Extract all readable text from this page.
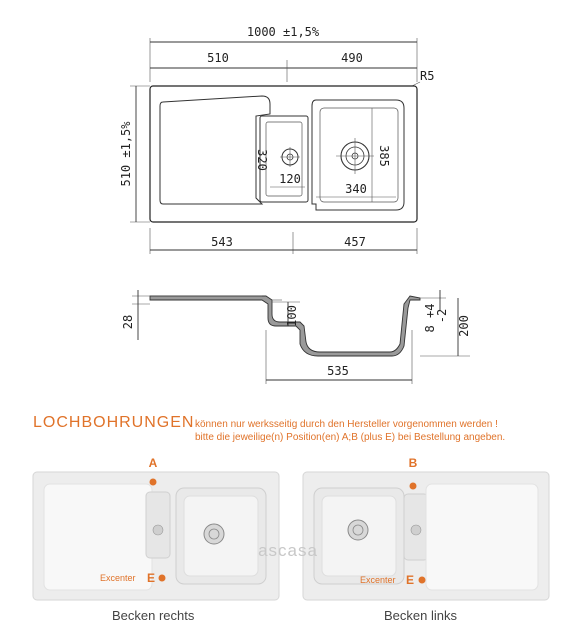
1000 ±1,5%
510	490
R5
320
120
340
385
510 ±1,5%
543	457
28	100	8 +4
-2 200
535
A
Excenter E
B
Excenter E
ascasa
LOCHBOHRUNGEN können nur werksseitig durch den Hersteller vorgenommen werden !
bitte die jeweilige(n) Position(en) A;B (plus E) bei Bestellung angeben.
Becken rechts	Becken links
